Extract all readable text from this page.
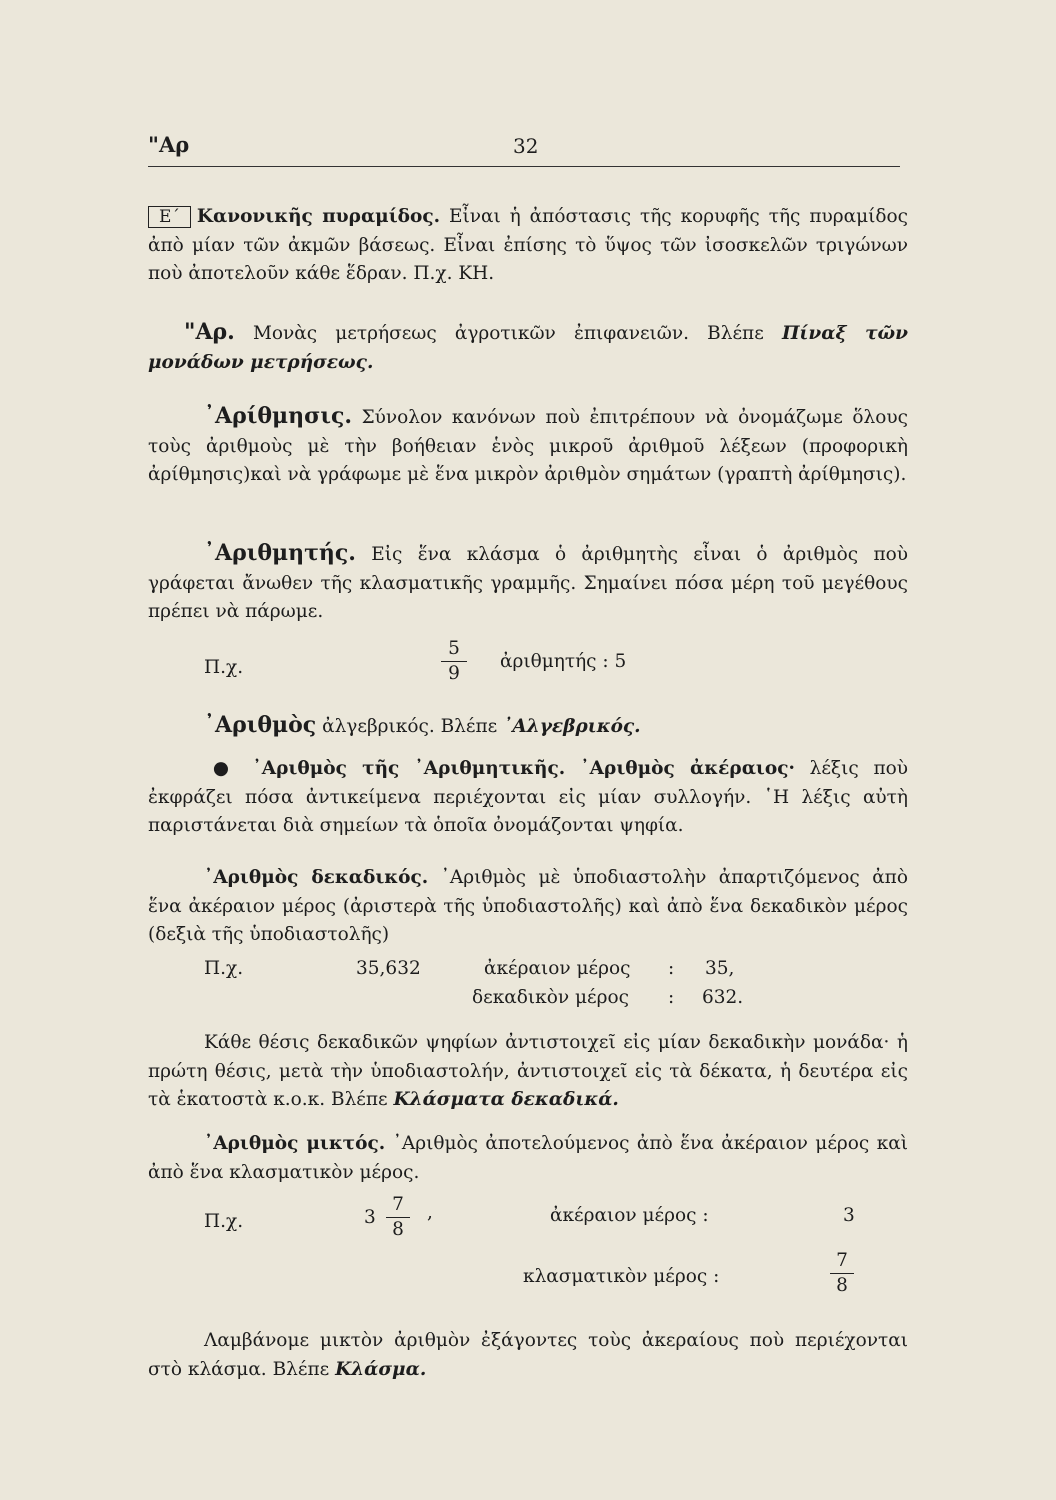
"Αρ	32
Ε΄ Κανονικῆς πυραμίδος. Εἶναι ἡ ἀπόστασις τῆς κορυφῆς τῆς πυραμίδος ἀπὸ μίαν τῶν ἀκμῶν βάσεως. Εἶναι ἐπίσης τὸ ὕψος τῶν ἰσοσκελῶν τριγώνων ποὺ ἀποτελοῦν κάθε ἕδραν. Π.χ. ΚΗ.
"Αρ. Μονὰς μετρήσεως ἀγροτικῶν ἐπιφανειῶν. Βλέπε Πίναξ τῶν μονάδων μετρήσεως.
᾽Αρίθμησις. Σύνολον κανόνων ποὺ ἐπιτρέπουν νὰ ὀνομάζωμε ὅλους τοὺς ἀριθμοὺς μὲ τὴν βοήθειαν ἑνὸς μικροῦ ἀριθμοῦ λέξεων (προφορικὴ ἀρίθμησις)καὶ νὰ γράφωμε μὲ ἕνα μικρὸν ἀριθμὸν σημάτων (γραπτὴ ἀρίθμησις).
᾽Αριθμητής. Εἰς ἕνα κλάσμα ὁ ἀριθμητὴς εἶναι ὁ ἀριθμὸς ποὺ γράφεται ἄνωθεν τῆς κλασματικῆς γραμμῆς. Σημαίνει πόσα μέρη τοῦ μεγέθους πρέπει νὰ πάρωμε.
Π.χ.
5
9
ἀριθμητής : 5
᾽Αριθμὸς ἀλγεβρικός. Βλέπε ᾽Αλγεβρικός.
● ᾽Αριθμὸς τῆς ᾽Αριθμητικῆς. ᾽Αριθμὸς ἀκέραιος· λέξις ποὺ ἐκφράζει πόσα ἀντικείμενα περιέχονται εἰς μίαν συλλογήν. ῾Η λέξις αὐτὴ παριστάνεται διὰ σημείων τὰ ὁποῖα ὀνομάζονται ψηφία.
᾽Αριθμὸς δεκαδικός. ᾽Αριθμὸς μὲ ὑποδιαστολὴν ἀπαρτιζόμενος ἀπὸ ἕνα ἀκέραιον μέρος (ἀριστερὰ τῆς ὑποδιαστολῆς) καὶ ἀπὸ ἕνα δεκαδικὸν μέρος (δεξιὰ τῆς ὑποδιαστολῆς)
Π.χ.	35,632	ἀκέραιον μέρος : 35,
δεκαδικὸν μέρος : 632.
Κάθε θέσις δεκαδικῶν ψηφίων ἀντιστοιχεῖ εἰς μίαν δεκαδικὴν μονάδα· ἡ πρώτη θέσις, μετὰ τὴν ὑποδιαστολήν, ἀντιστοιχεῖ εἰς τὰ δέκατα, ἡ δευτέρα εἰς τὰ ἑκατοστὰ κ.ο.κ. Βλέπε Κλάσματα δεκαδικά.
᾽Αριθμὸς μικτός. ᾽Αριθμὸς ἀποτελούμενος ἀπὸ ἕνα ἀκέραιον μέρος καὶ ἀπὸ ἕνα κλασματικὸν μέρος.
Π.χ.	3
7
8
,	ἀκέραιον μέρος :	3
κλασματικὸν μέρος :
7
8
Λαμβάνομε μικτὸν ἀριθμὸν ἐξάγοντες τοὺς ἀκεραίους ποὺ περιέχονται στὸ κλάσμα. Βλέπε Κλάσμα.
